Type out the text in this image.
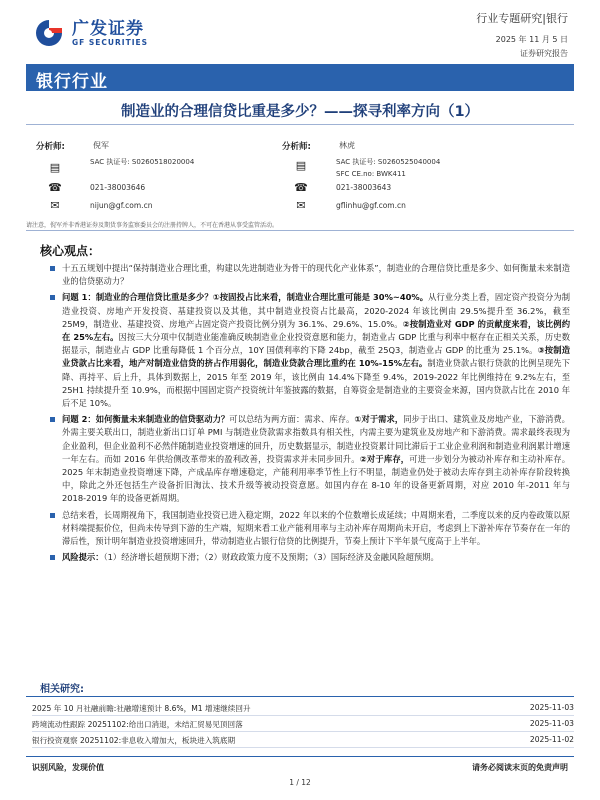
广发证券
GF SECURITIES
行业专题研究|银行
2025 年 11 月 5 日
证券研究报告
银行行业
制造业的合理信贷比重是多少？——探寻利率方向（1）
分析师:	倪军
▤	SAC 执证号: S0260518020004
☎	021-38003646
✉	nijun@gf.com.cn
分析师:	林虎
▤	SAC 执证号: S0260525040004
SFC CE.no: BWK411
☎	021-38003643
✉	gflinhu@gf.com.cn
请注意，倪军并非香港证券及期货事务监察委员会的注册持牌人，不可在香港从事受监管活动。
核心观点：
十五五规划中提出“保持制造业合理比重，构建以先进制造业为骨干的现代化产业体系”，制造业的合理信贷比重是多少、如何衡量未来制造业的信贷驱动力？
问题 1：制造业的合理信贷比重是多少？①按固投占比来看，制造业合理比重可能是 30%~40%。从行业分类上看，固定资产投资分为制造业投资、房地产开发投资、基建投资以及其他，其中制造业投资占比最高，2020-2024 年该比例由 29.5%提升至 36.2%，截至 25M9，制造业、基建投资、房地产占固定资产投资比例分别为 36.1%、29.6%、15.0%。②按制造业对 GDP 的贡献度来看，该比例约在 25%左右。因按三大分项中仅制造业能准确反映制造业企业投资意愿和能力，制造业占 GDP 比重与利率中枢存在正相关关系，历史数据显示，制造业占 GDP 比重每降低 1 个百分点，10Y 国债利率约下降 24bp，截至 25Q3，制造业占 GDP 的比重为 25.1%。③按制造业贷款占比来看，地产对制造业信贷的挤占作用弱化，制造业贷款合理比重约在 10%-15%左右。制造业贷款占银行贷款的比例呈现先下降、再持平、后上升，具体到数据上，2015 年至 2019 年，该比例由 14.4%下降至 9.4%，2019-2022 年比例维持在 9.2%左右，至 25H1 持续提升至 10.9%，而根据中国固定资产投资统计年鉴披露的数据，自筹资金是制造业的主要资金来源，国内贷款占比在 2010 年后不足 10%。
问题 2：如何衡量未来制造业的信贷驱动力？可以总结为两方面：需求、库存。①对于需求，同步于出口、建筑业及房地产业，下游消费。外需主要关联出口，制造业新出口订单 PMI 与制造业贷款需求指数具有相关性，内需主要为建筑业及房地产和下游消费。需求最终表现为企业盈利，但企业盈利不必然伴随制造业投资增速的回升，历史数据显示，制造业投资累计同比滞后于工业企业利润和制造业利润累计增速一年左右。而如 2016 年供给侧改革带来的盈利改善，投资需求并未同步回升。②对于库存，可进一步划分为被动补库存和主动补库存。2025 年末制造业投资增速下降，产成品库存增速稳定，产能利用率季节性上行不明显，制造业仍处于被动去库存到主动补库存阶段转换中，除此之外还包括生产设备折旧淘汰、技术升级等被动投资意愿。如国内存在 8-10 年的设备更新周期，对应 2010 年-2011 年与 2018-2019 年的设备更新周期。
总结来看，长周期视角下，我国制造业投资已进入稳定期，2022 年以来的个位数增长成延续；中周期来看，二季度以来的反内卷政策以原材料端提振价位，但尚未传导到下游的生产端，短期来看工业产能利用率与主动补库存周期尚未开启，考虑到上下游补库存节奏存在一年的滞后性，预计明年制造业投资增速回升，带动制造业占银行信贷的比例提升，节奏上预计下半年景气度高于上半年。
风险提示：（1）经济增长超预期下滑；（2）财政政策力度不及预期；（3）国际经济及金融风险超预期。
相关研究:
2025 年 10 月社融前瞻:社融增速预计 8.6%，M1 增速继续回升	2025-11-03
跨境流动性跟踪 20251102:给出口消退，未结汇贸易见顶回落	2025-11-03
银行投资观察 20251102:非息收入增加大，板块进入筑底期	2025-11-02
识别风险，发现价值	请务必阅读末页的免责声明
1 / 12
